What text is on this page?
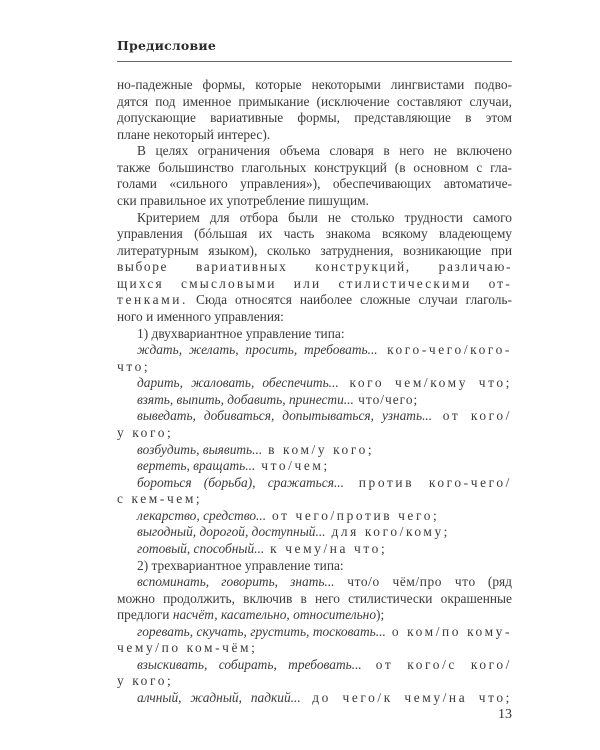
Предисловие
но-падежные формы, которые некоторыми лингвистами подво-
дятся под именное примыкание (исключение составляют случаи,
допускающие вариативные формы, представляющие в этом
плане некоторый интерес).
В целях ограничения объема словаря в него не включено
также большинство глагольных конструкций (в основном с гла-
голами «сильного управления»), обеспечивающих автоматиче-
ски правильное их употребление пишущим.
Критерием для отбора были не столько трудности самого
управления (бóльшая их часть знакома всякому владеющему
литературным языком), сколько затруднения, возникающие при
выборе вариативных конструкций, различаю-
щихся смысловыми или стилистическими от-
тенками. Сюда относятся наиболее сложные случаи глаголь-
ного и именного управления:
1) двухвариантное управление типа:
ждать, желать, просить, требовать... кого-чего/кого-
что;
дарить, жаловать, обеспечить... кого чем/кому что;
взять, выпить, добавить, принести... что/чего;
выведать, добиваться, допытываться, узнать... от кого/
у кого;
возбудить, выявить... в ком/у кого;
вертеть, вращать... что/чем;
бороться (борьба), сражаться... против кого-чего/
с кем-чем;
лекарство, средство... от чего/против чего;
выгодный, дорогой, доступный... для кого/кому;
готовый, способный... к чему/на что;
2) трехвариантное управление типа:
вспоминать, говорить, знать... что/о чём/про что (ряд
можно продолжить, включив в него стилистически окрашенные
предлоги насчёт, касательно, относительно);
горевать, скучать, грустить, тосковать... о ком/по кому-
чему/по ком-чём;
взыскивать, собирать, требовать... от кого/с кого/
у кого;
алчный, жадный, падкий... до чего/к чему/на что;
13
